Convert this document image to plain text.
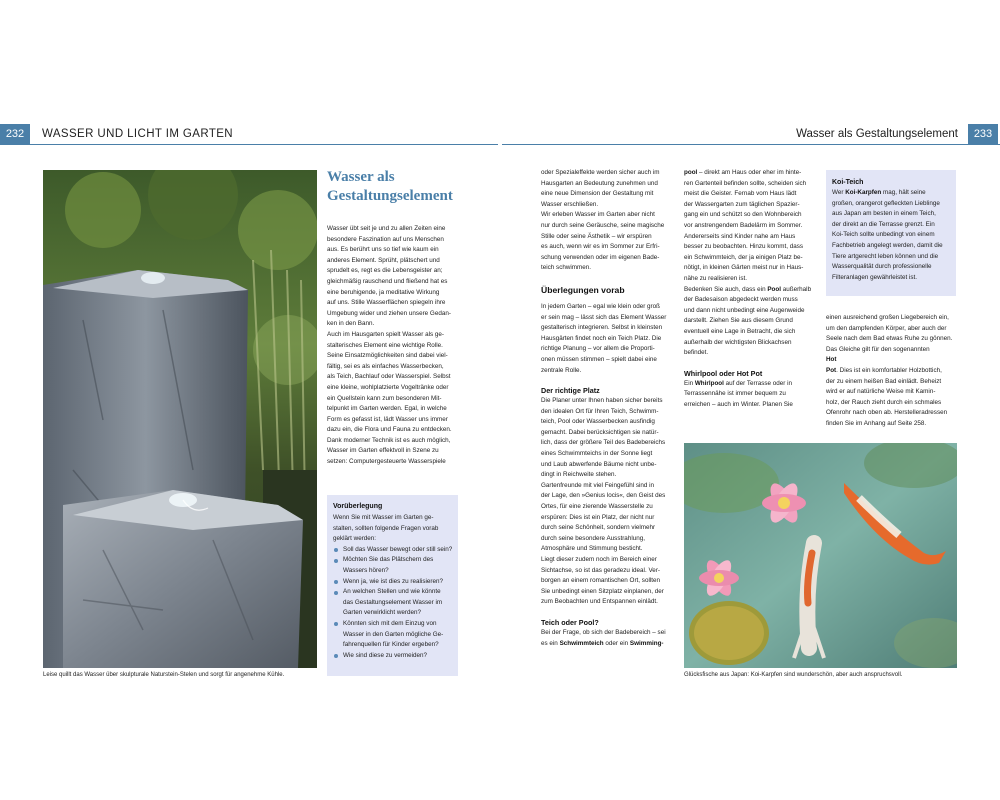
232	WASSER UND LICHT IM GARTEN	Wasser als Gestaltungselement	233
Leise quillt das Wasser über skulpturale Naturstein-Stelen und sorgt für angenehme Kühle.
Wasser als
Gestaltungselement
Wasser übt seit je und zu allen Zeiten eine
besondere Faszination auf uns Menschen
aus. Es berührt uns so tief wie kaum ein
anderes Element. Sprüht, plätschert und
sprudelt es, regt es die Lebensgeister an;
gleichmäßig rauschend und fließend hat es
eine beruhigende, ja meditative Wirkung
auf uns. Stille Wasserflächen spiegeln ihre
Umgebung wider und ziehen unsere Gedan-
ken in den Bann.
Auch im Hausgarten spielt Wasser als ge-
stalterisches Element eine wichtige Rolle.
Seine Einsatzmöglichkeiten sind dabei viel-
fältig, sei es als einfaches Wasserbecken,
als Teich, Bachlauf oder Wasserspiel. Selbst
eine kleine, wohlplatzierte Vogeltränke oder
ein Quellstein kann zum besonderen Mit-
telpunkt im Garten werden. Egal, in welche
Form es gefasst ist, lädt Wasser uns immer
dazu ein, die Flora und Fauna zu entdecken.
Dank moderner Technik ist es auch möglich,
Wasser im Garten effektvoll in Szene zu
setzen: Computergesteuerte Wasserspiele
Vorüberlegung
Wenn Sie mit Wasser im Garten ge-
stalten, sollten folgende Fragen vorab
geklärt werden:
Soll das Wasser bewegt oder still sein?
Möchten Sie das Plätschern des
Wassers hören?
Wenn ja, wie ist dies zu realisieren?
An welchen Stellen und wie könnte
das Gestaltungselement Wasser im
Garten verwirklicht werden?
Könnten sich mit dem Einzug von
Wasser in den Garten mögliche Ge-
fahrenquellen für Kinder ergeben?
Wie sind diese zu vermeiden?
oder Spezialeffekte werden sicher auch im
Hausgarten an Bedeutung zunehmen und
eine neue Dimension der Gestaltung mit
Wasser erschließen.
Wir erleben Wasser im Garten aber nicht
nur durch seine Geräusche, seine magische
Stille oder seine Ästhetik – wir erspüren
es auch, wenn wir es im Sommer zur Erfri-
schung verwenden oder im eigenen Bade-
teich schwimmen.
Überlegungen vorab
In jedem Garten – egal wie klein oder groß
er sein mag – lässt sich das Element Wasser
gestalterisch integrieren. Selbst in kleinsten
Hausgärten findet noch ein Teich Platz. Die
richtige Planung – vor allem die Proporti-
onen müssen stimmen – spielt dabei eine
zentrale Rolle.
Der richtige Platz
Die Planer unter Ihnen haben sicher bereits
den idealen Ort für Ihren Teich, Schwimm-
teich, Pool oder Wasserbecken ausfindig
gemacht. Dabei berücksichtigen sie natür-
lich, dass der größere Teil des Badebereichs
eines Schwimmteichs in der Sonne liegt
und Laub abwerfende Bäume nicht unbe-
dingt in Reichweite stehen.
Gartenfreunde mit viel Feingefühl sind in
der Lage, den »Genius locis«, den Geist des
Ortes, für eine zierende Wasserstelle zu
erspüren: Dies ist ein Platz, der nicht nur
durch seine Schönheit, sondern vielmehr
durch seine besondere Ausstrahlung,
Atmosphäre und Stimmung besticht.
Liegt dieser zudem noch im Bereich einer
Sichtachse, so ist das geradezu ideal. Ver-
borgen an einem romantischen Ort, sollten
Sie unbedingt einen Sitzplatz einplanen, der
zum Beobachten und Entspannen einlädt.
Teich oder Pool?
Bei der Frage, ob sich der Badebereich – sei
es ein Schwimmteich oder ein Swimming-
pool – direkt am Haus oder eher im hinte-
ren Gartenteil befinden sollte, scheiden sich
meist die Geister. Fernab vom Haus lädt
der Wassergarten zum täglichen Spazier-
gang ein und schützt so den Wohnbereich
vor anstrengendem Badelärm im Sommer.
Andererseits sind Kinder nahe am Haus
besser zu beobachten. Hinzu kommt, dass
ein Schwimmteich, der ja einigen Platz be-
nötigt, in kleinen Gärten meist nur in Haus-
nähe zu realisieren ist.
Bedenken Sie auch, dass ein Pool außerhalb
der Badesaison abgedeckt werden muss
und dann nicht unbedingt eine Augenweide
darstellt. Ziehen Sie aus diesem Grund
eventuell eine Lage in Betracht, die sich
außerhalb der wichtigsten Blickachsen
befindet.
Whirlpool oder Hot Pot
Ein Whirlpool auf der Terrasse oder in
Terrassennähe ist immer bequem zu
erreichen – auch im Winter. Planen Sie
Koi-Teich
Wer Koi-Karpfen mag, hält seine
großen, orangerot gefleckten Lieblinge
aus Japan am besten in einem Teich,
der direkt an die Terrasse grenzt. Ein
Koi-Teich sollte unbedingt von einem
Fachbetrieb angelegt werden, damit die
Tiere artgerecht leben können und die
Wasserqualität durch professionelle
Filteranlagen gewährleistet ist.
einen ausreichend großen Liegebereich ein,
um den dampfenden Körper, aber auch der
Seele nach dem Bad etwas Ruhe zu gönnen.
Das Gleiche gilt für den sogenannten
Hot
Pot. Dies ist ein komfortabler Holzbottich,
der zu einem heißen Bad einlädt. Beheizt
wird er auf natürliche Weise mit Kamin-
holz, der Rauch zieht durch ein schmales
Ofenrohr nach oben ab. Herstelleradressen
finden Sie im Anhang auf Seite 258.
Glücksfische aus Japan: Koi-Karpfen sind wunderschön, aber auch anspruchsvoll.
